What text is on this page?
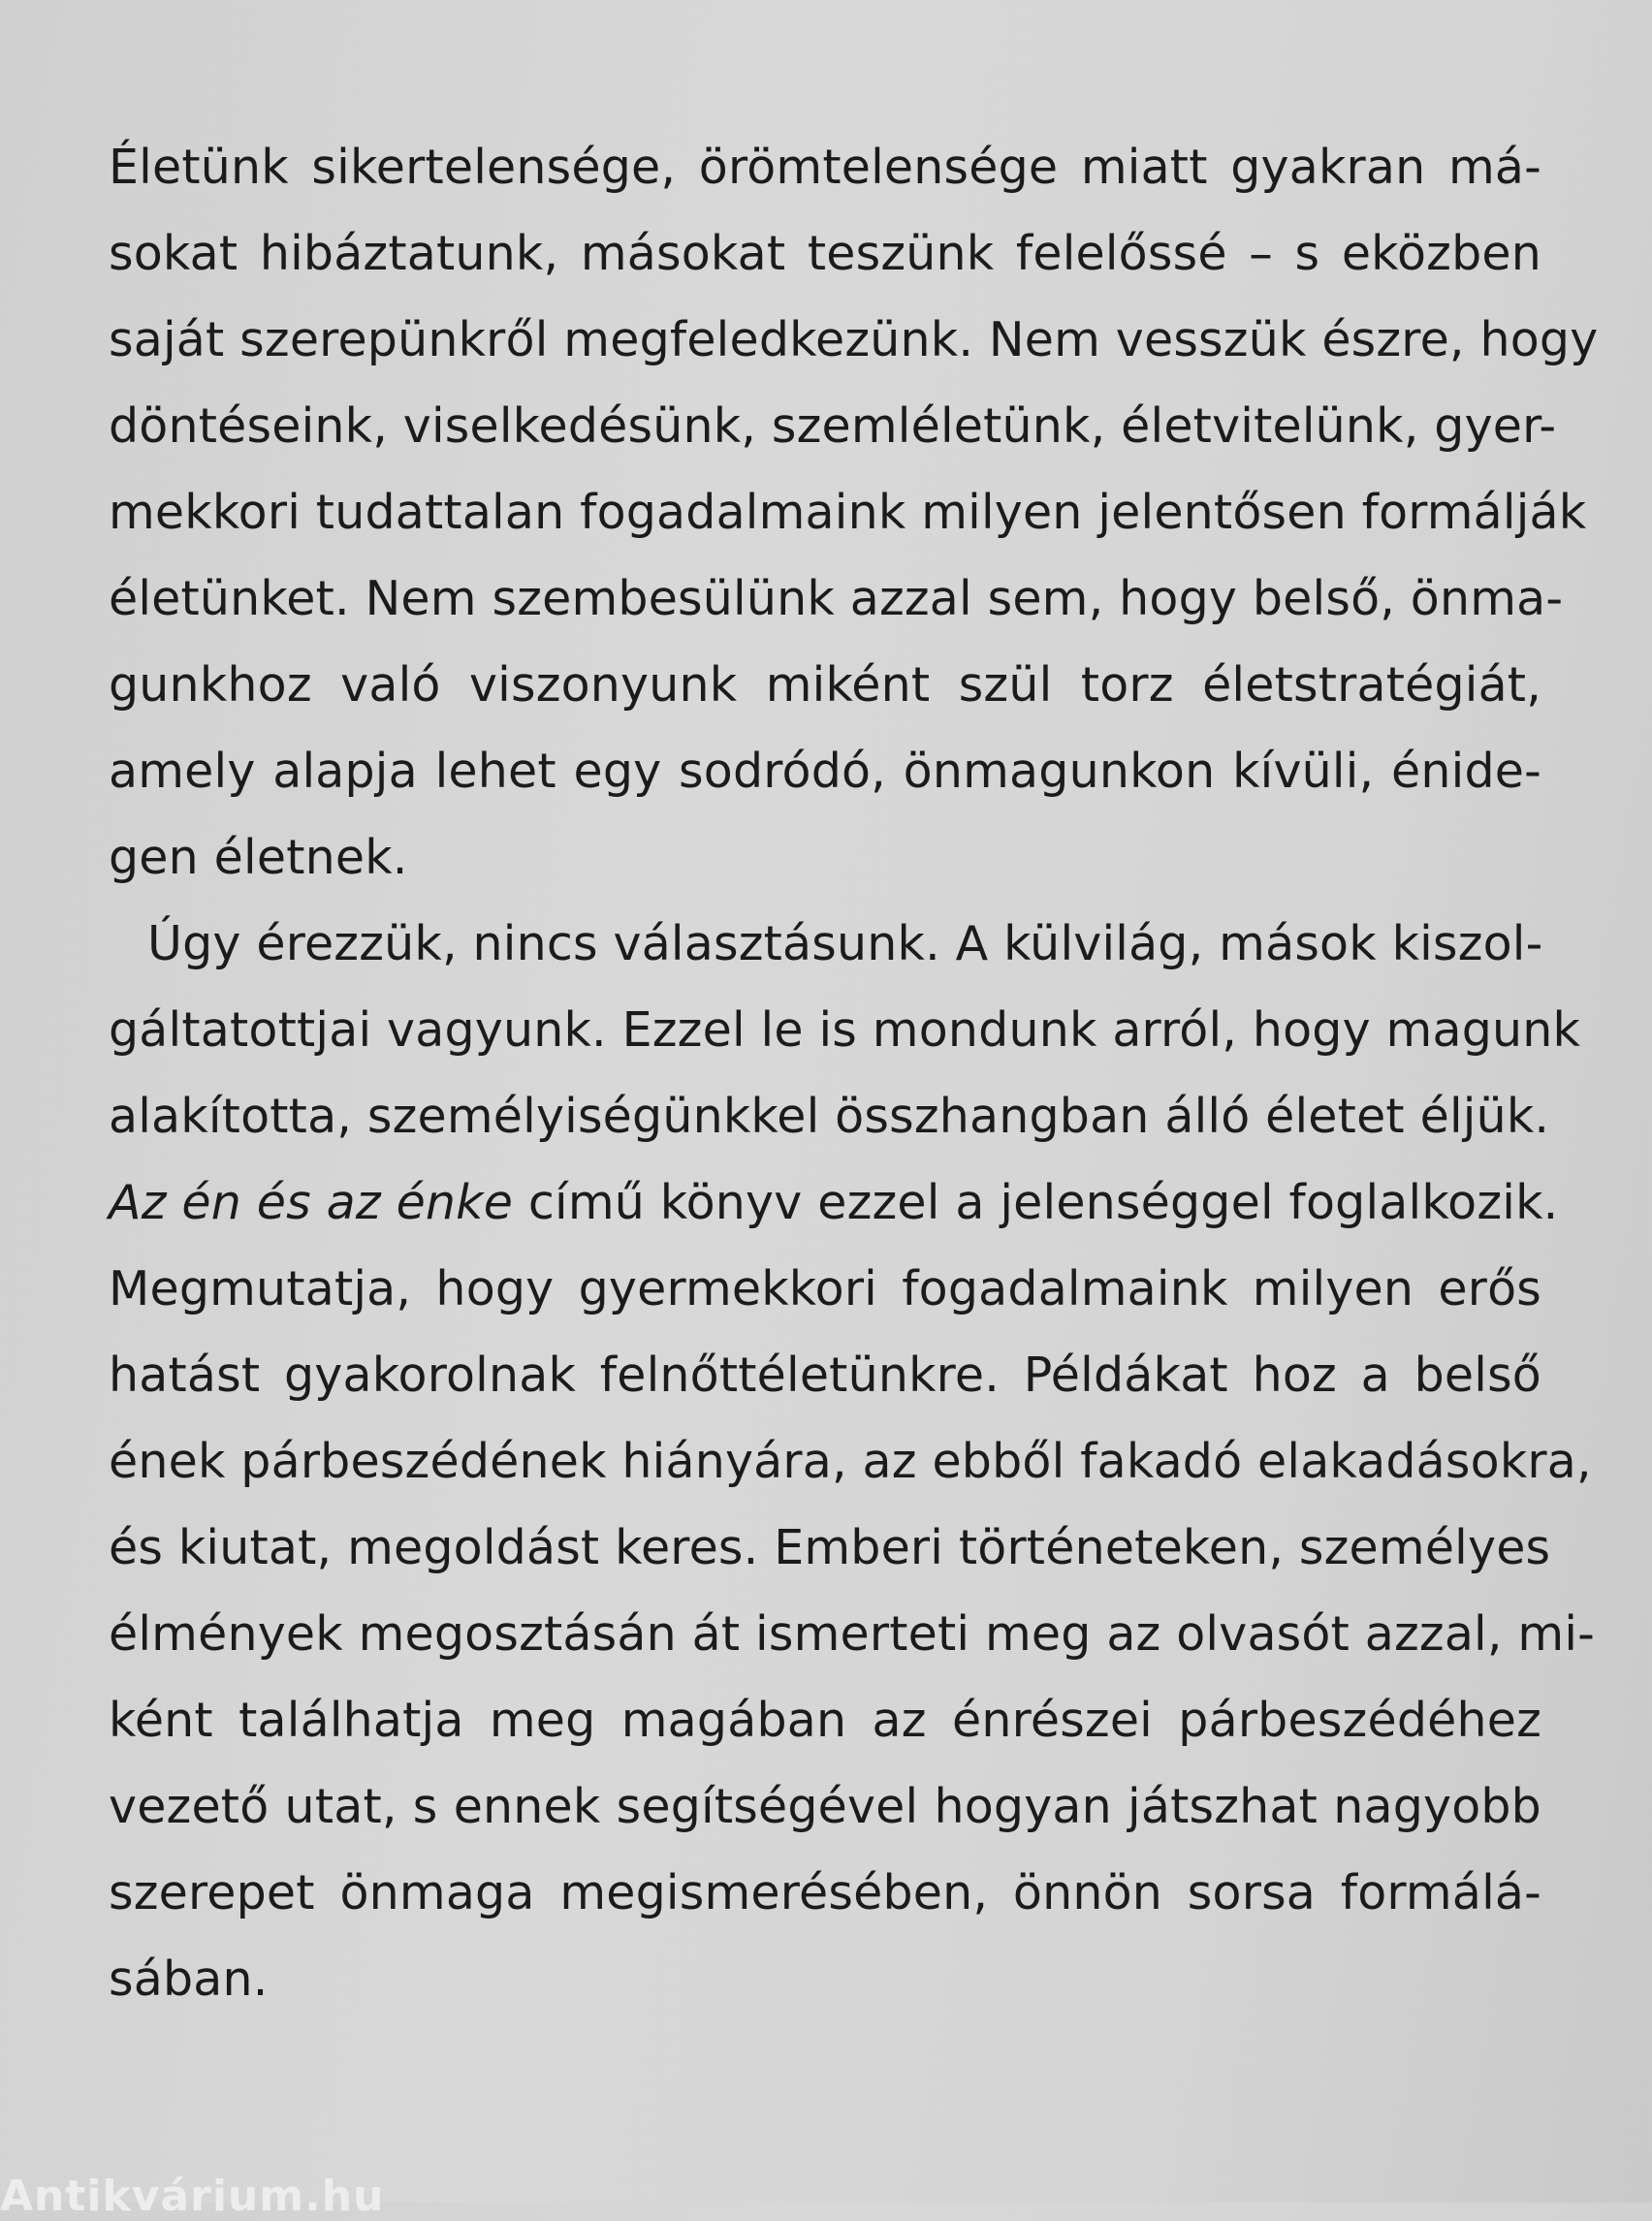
Életünk sikertelensége, örömtelensége miatt gyakran má-
sokat hibáztatunk, másokat teszünk felelőssé – s eközben
saját szerepünkről megfeledkezünk. Nem vesszük észre, hogy
döntéseink, viselkedésünk, szemléletünk, életvitelünk, gyer-
mekkori tudattalan fogadalmaink milyen jelentősen formálják
életünket. Nem szembesülünk azzal sem, hogy belső, önma-
gunkhoz való viszonyunk miként szül torz életstratégiát,
amely alapja lehet egy sodródó, önmagunkon kívüli, énide-
gen életnek.
Úgy érezzük, nincs választásunk. A külvilág, mások kiszol-
gáltatottjai vagyunk. Ezzel le is mondunk arról, hogy magunk
alakította, személyiségünkkel összhangban álló életet éljük.
Az én és az énke című könyv ezzel a jelenséggel foglalkozik.
Megmutatja, hogy gyermekkori fogadalmaink milyen erős
hatást gyakorolnak felnőttéletünkre. Példákat hoz a belső
ének párbeszédének hiányára, az ebből fakadó elakadásokra,
és kiutat, megoldást keres. Emberi történeteken, személyes
élmények megosztásán át ismerteti meg az olvasót azzal, mi-
ként találhatja meg magában az énrészei párbeszédéhez
vezető utat, s ennek segítségével hogyan játszhat nagyobb
szerepet önmaga megismerésében, önnön sorsa formálá-
sában.
Antikvárium.hu
